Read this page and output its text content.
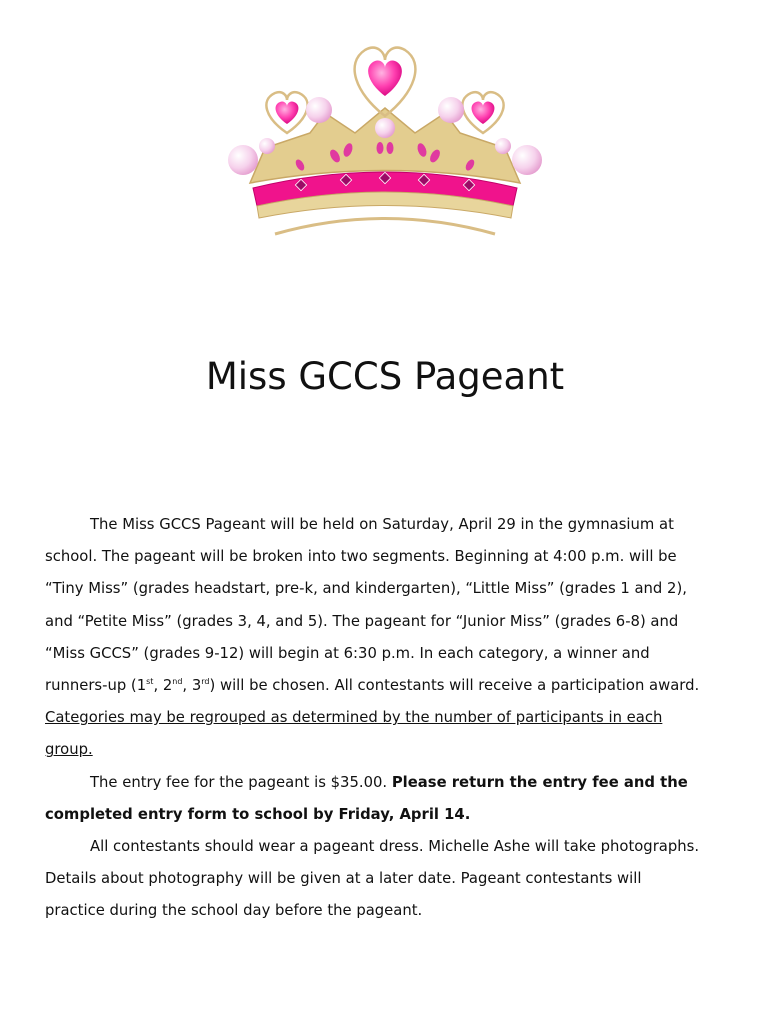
Miss GCCS Pageant

The Miss GCCS Pageant will be held on Saturday, April 29 in the gymnasium at school. The pageant will be broken into two segments. Beginning at 4:00 p.m. will be “Tiny Miss” (grades headstart, pre-k, and kindergarten), “Little Miss” (grades 1 and 2), and “Petite Miss” (grades 3, 4, and 5). The pageant for “Junior Miss” (grades 6-8) and “Miss GCCS” (grades 9-12) will begin at 6:30 p.m. In each category, a winner and runners-up (1st, 2nd, 3rd) will be chosen. All contestants will receive a participation award. Categories may be regrouped as determined by the number of participants in each group.

The entry fee for the pageant is $35.00. Please return the entry fee and the completed entry form to school by Friday, April 14.

All contestants should wear a pageant dress. Michelle Ashe will take photographs. Details about photography will be given at a later date. Pageant contestants will practice during the school day before the pageant.
